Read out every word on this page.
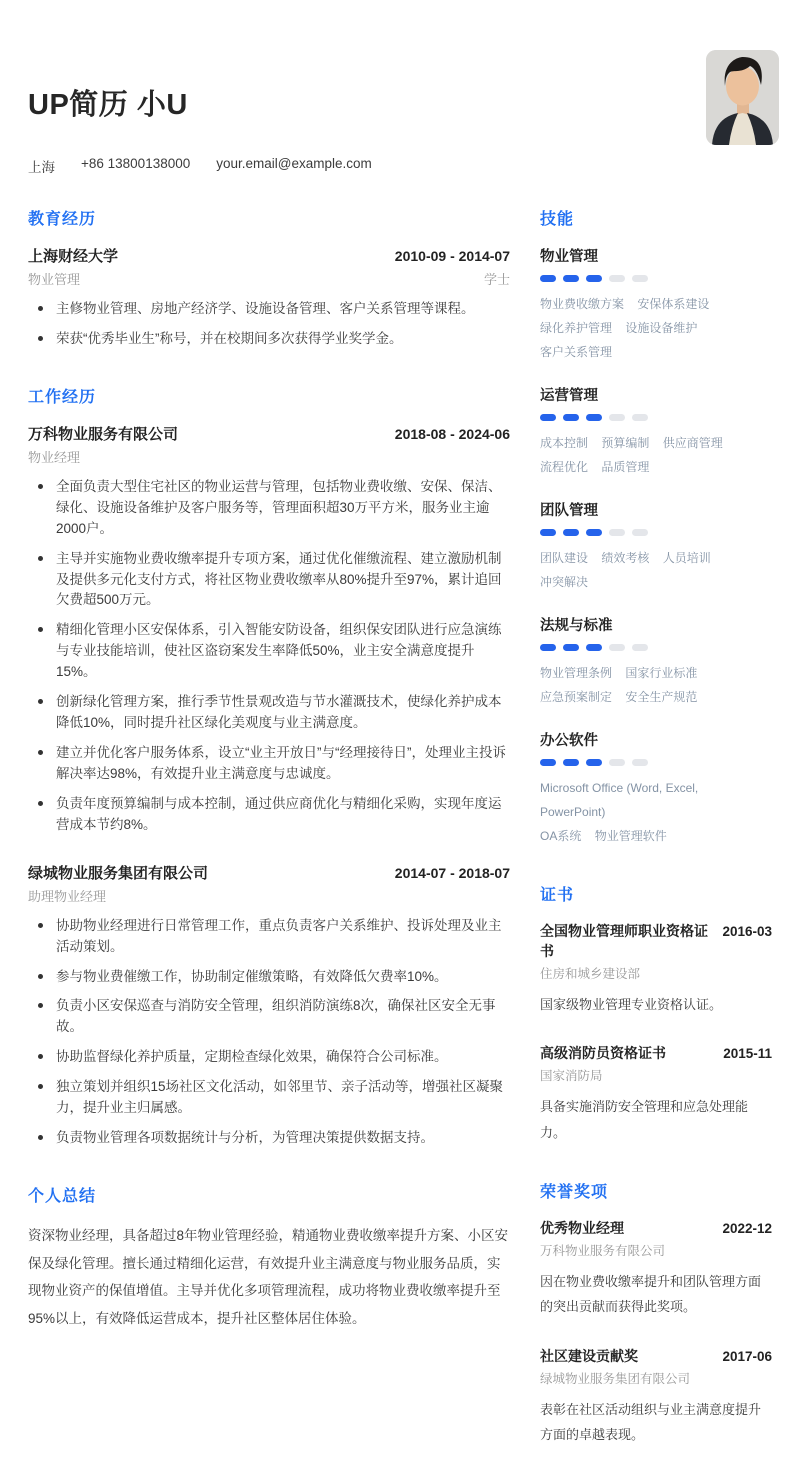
UP简历 小U
上海 +86 13800138000 your.email@example.com
教育经历
上海财经大学	2010-09 - 2014-07
物业管理	学士
主修物业管理、房地产经济学、设施设备管理、客户关系管理等课程。
荣获“优秀毕业生”称号，并在校期间多次获得学业奖学金。
工作经历
万科物业服务有限公司	2018-08 - 2024-06
物业经理
全面负责大型住宅社区的物业运营与管理，包括物业费收缴、安保、保洁、绿化、设施设备维护及客户服务等，管理面积超30万平方米，服务业主逾2000户。
主导并实施物业费收缴率提升专项方案，通过优化催缴流程、建立激励机制及提供多元化支付方式，将社区物业费收缴率从80%提升至97%，累计追回欠费超500万元。
精细化管理小区安保体系，引入智能安防设备，组织保安团队进行应急演练与专业技能培训，使社区盗窃案发生率降低50%，业主安全满意度提升15%。
创新绿化管理方案，推行季节性景观改造与节水灌溉技术，使绿化养护成本降低10%，同时提升社区绿化美观度与业主满意度。
建立并优化客户服务体系，设立“业主开放日”与“经理接待日”，处理业主投诉解决率达98%，有效提升业主满意度与忠诚度。
负责年度预算编制与成本控制，通过供应商优化与精细化采购，实现年度运营成本节约8%。
绿城物业服务集团有限公司	2014-07 - 2018-07
助理物业经理
协助物业经理进行日常管理工作，重点负责客户关系维护、投诉处理及业主活动策划。
参与物业费催缴工作，协助制定催缴策略，有效降低欠费率10%。
负责小区安保巡查与消防安全管理，组织消防演练8次，确保社区安全无事故。
协助监督绿化养护质量，定期检查绿化效果，确保符合公司标准。
独立策划并组织15场社区文化活动，如邻里节、亲子活动等，增强社区凝聚力，提升业主归属感。
负责物业管理各项数据统计与分析，为管理决策提供数据支持。
个人总结

资深物业经理，具备超过8年物业管理经验，精通物业费收缴率提升方案、小区安保及绿化管理。擅长通过精细化运营，有效提升业主满意度与物业服务品质，实现物业资产的保值增值。主导并优化多项管理流程，成功将物业费收缴率提升至95%以上，有效降低运营成本，提升社区整体居住体验。

技能
物业管理
物业费收缴方案 安保体系建设 绿化养护管理 设施设备维护 客户关系管理
运营管理
成本控制 预算编制 供应商管理 流程优化 品质管理
团队管理
团队建设 绩效考核 人员培训 冲突解决
法规与标准
物业管理条例 国家行业标准 应急预案制定 安全生产规范
办公软件
Microsoft Office (Word, Excel, PowerPoint) OA系统 物业管理软件
证书
全国物业管理师职业资格证书
2016-03
住房和城乡建设部
国家级物业管理专业资格认证。
高级消防员资格证书	2015-11
国家消防局
具备实施消防安全管理和应急处理能力。
荣誉奖项
优秀物业经理	2022-12
万科物业服务有限公司
因在物业费收缴率提升和团队管理方面的突出贡献而获得此奖项。
社区建设贡献奖	2017-06
绿城物业服务集团有限公司
表彰在社区活动组织与业主满意度提升方面的卓越表现。
